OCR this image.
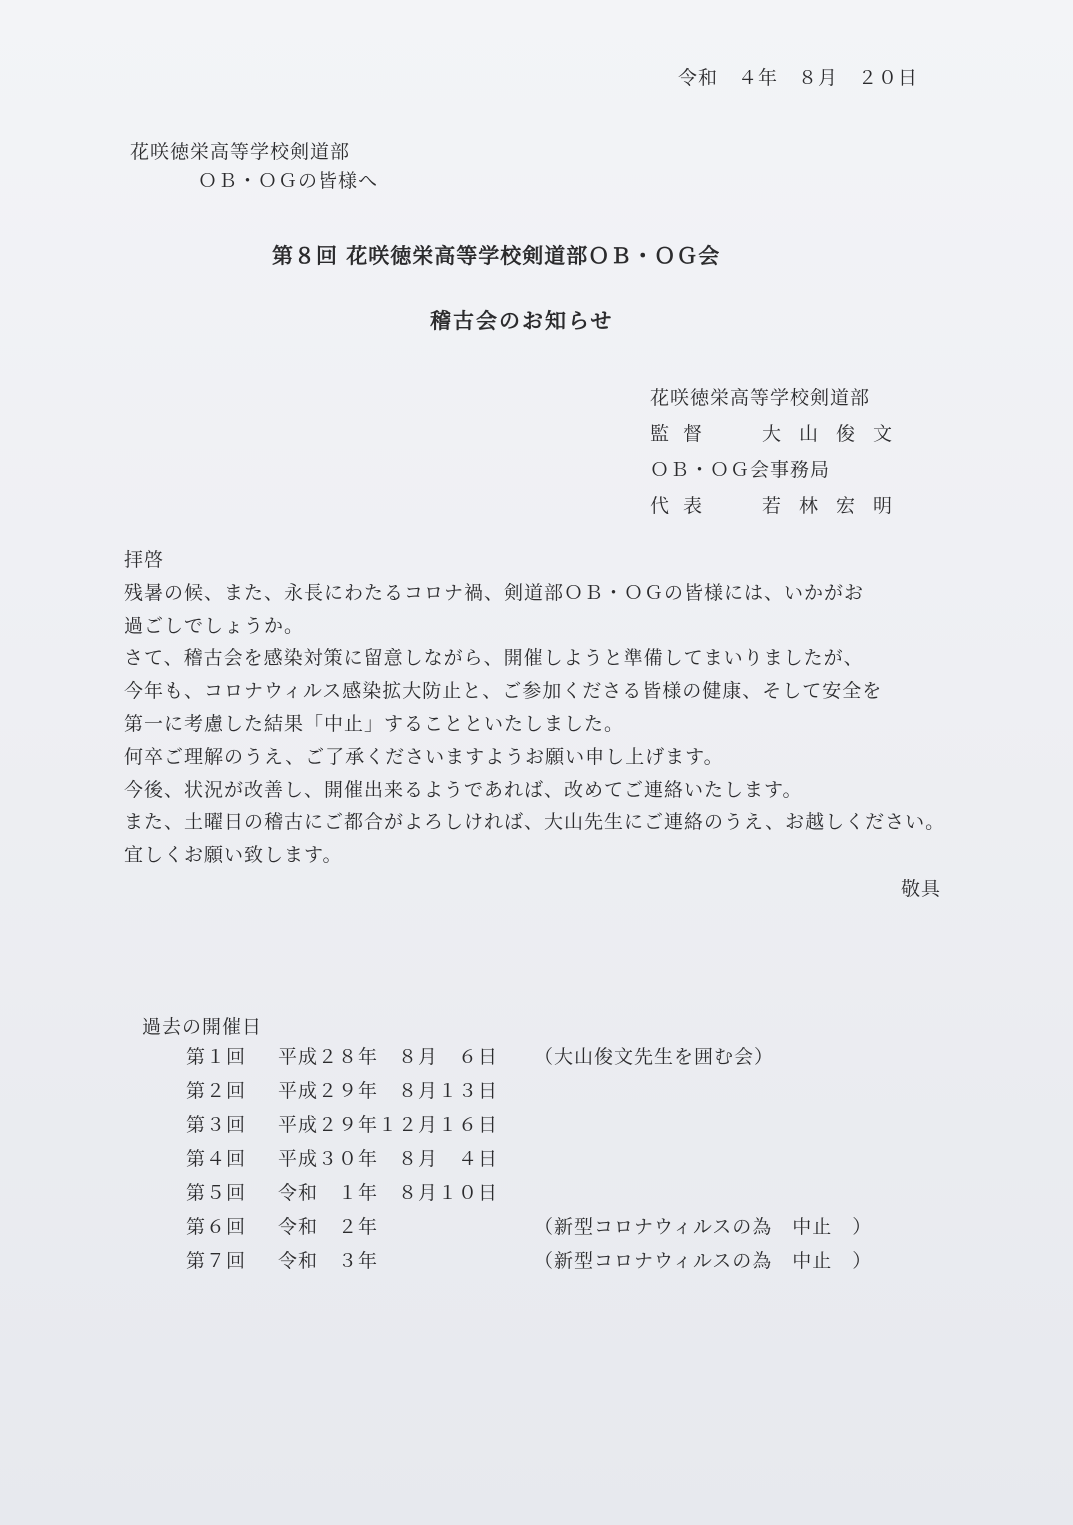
令和　４年　８月　２０日
花咲徳栄高等学校剣道部
ＯＢ・ＯＧの皆様へ
第８回 花咲徳栄高等学校剣道部ＯＢ・ＯＧ会
稽古会のお知らせ
花咲徳栄高等学校剣道部
監督 大山俊文
ＯＢ・ＯＧ会事務局
代表 若林宏明
拝啓
残暑の候、また、永長にわたるコロナ禍、剣道部ＯＢ・ＯＧの皆様には、いかがお
過ごしでしょうか。
さて、稽古会を感染対策に留意しながら、開催しようと準備してまいりましたが、
今年も、コロナウィルス感染拡大防止と、ご参加くださる皆様の健康、そして安全を
第一に考慮した結果「中止」することといたしました。
何卒ご理解のうえ、ご了承くださいますようお願い申し上げます。
今後、状況が改善し、開催出来るようであれば、改めてご連絡いたします。
また、土曜日の稽古にご都合がよろしければ、大山先生にご連絡のうえ、お越しください。
宜しくお願い致します。
敬具
過去の開催日
第１回 平成２８年　８月　６日 （大山俊文先生を囲む会）
第２回 平成２９年　８月１３日
第３回 平成２９年１２月１６日
第４回 平成３０年　８月　４日
第５回 令和　１年　８月１０日
第６回 令和　２年	（新型コロナウィルスの為　中止　）
第７回 令和　３年	（新型コロナウィルスの為　中止　）
